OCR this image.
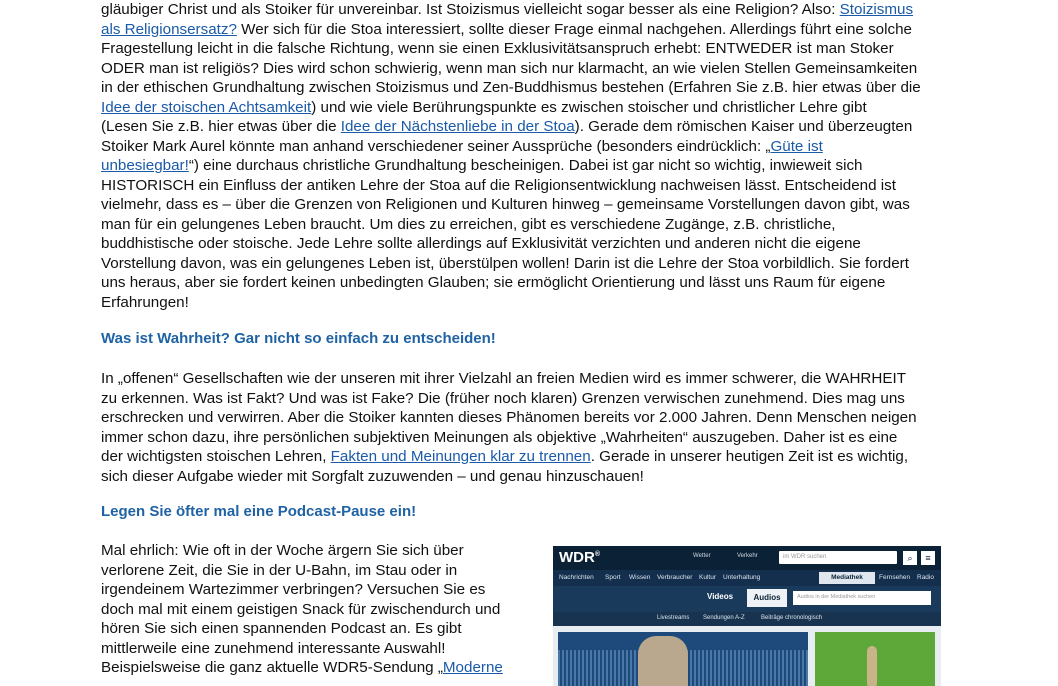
gläubiger Christ und als Stoiker für unvereinbar. Ist Stoizismus vielleicht sogar besser als eine Religion? Also: Stoizismus
als Religionsersatz? Wer sich für die Stoa interessiert, sollte dieser Frage einmal nachgehen. Allerdings führt eine solche
Fragestellung leicht in die falsche Richtung, wenn sie einen Exklusivitätsanspruch erhebt: ENTWEDER ist man Stoker
ODER man ist religiös? Dies wird schon schwierig, wenn man sich nur klarmacht, an wie vielen Stellen Gemeinsamkeiten
in der ethischen Grundhaltung zwischen Stoizismus und Zen-Buddhismus bestehen (Erfahren Sie z.B. hier etwas über die
Idee der stoischen Achtsamkeit) und wie viele Berührungspunkte es zwischen stoischer und christlicher Lehre gibt
(Lesen Sie z.B. hier etwas über die Idee der Nächstenliebe in der Stoa). Gerade dem römischen Kaiser und überzeugten
Stoiker Mark Aurel könnte man anhand verschiedener seiner Aussprüche (besonders eindrücklich: „Güte ist
unbesiegbar!“) eine durchaus christliche Grundhaltung bescheinigen. Dabei ist gar nicht so wichtig, inwieweit sich
HISTORISCH ein Einfluss der antiken Lehre der Stoa auf die Religionsentwicklung nachweisen lässt. Entscheidend ist
vielmehr, dass es – über die Grenzen von Religionen und Kulturen hinweg – gemeinsame Vorstellungen davon gibt, was
man für ein gelungenes Leben braucht. Um dies zu erreichen, gibt es verschiedene Zugänge, z.B. christliche,
buddhistische oder stoische. Jede Lehre sollte allerdings auf Exklusivität verzichten und anderen nicht die eigene
Vorstellung davon, was ein gelungenes Leben ist, überstülpen wollen! Darin ist die Lehre der Stoa vorbildlich. Sie fordert
uns heraus, aber sie fordert keinen unbedingten Glauben; sie ermöglicht Orientierung und lässt uns Raum für eigene
Erfahrungen!
Was ist Wahrheit? Gar nicht so einfach zu entscheiden!
In „offenen“ Gesellschaften wie der unseren mit ihrer Vielzahl an freien Medien wird es immer schwerer, die WAHRHEIT
zu erkennen. Was ist Fakt? Und was ist Fake? Die (früher noch klaren) Grenzen verwischen zunehmend. Dies mag uns
erschrecken und verwirren. Aber die Stoiker kannten dieses Phänomen bereits vor 2.000 Jahren. Denn Menschen neigen
immer schon dazu, ihre persönlichen subjektiven Meinungen als objektive „Wahrheiten“ auszugeben. Daher ist es eine
der wichtigsten stoischen Lehren, Fakten und Meinungen klar zu trennen. Gerade in unserer heutigen Zeit ist es wichtig,
sich dieser Aufgabe wieder mit Sorgfalt zuzuwenden – und genau hinzuschauen!
Legen Sie öfter mal eine Podcast-Pause ein!
Mal ehrlich: Wie oft in der Woche ärgern Sie sich über
verlorene Zeit, die Sie in der U-Bahn, im Stau oder in
irgendeinem Wartezimmer verbringen? Versuchen Sie es
doch mal mit einem geistigen Snack für zwischendurch und
hören Sie sich einen spannenden Podcast an. Es gibt
mittlerweile eine zunehmend interessante Auswahl!
Beispielsweise die ganz aktuelle WDR5-Sendung „Moderne
WDR®	Wetter	Verkehr	im WDR suchen	⌕	≡
Nachrichten Sport Wissen Verbraucher Kultur Unterhaltung	Mediathek	Fernsehen Radio
Videos	Audios	Audios in der Mediathek suchen
Livestreams Sendungen A-Z	Beiträge chronologisch
